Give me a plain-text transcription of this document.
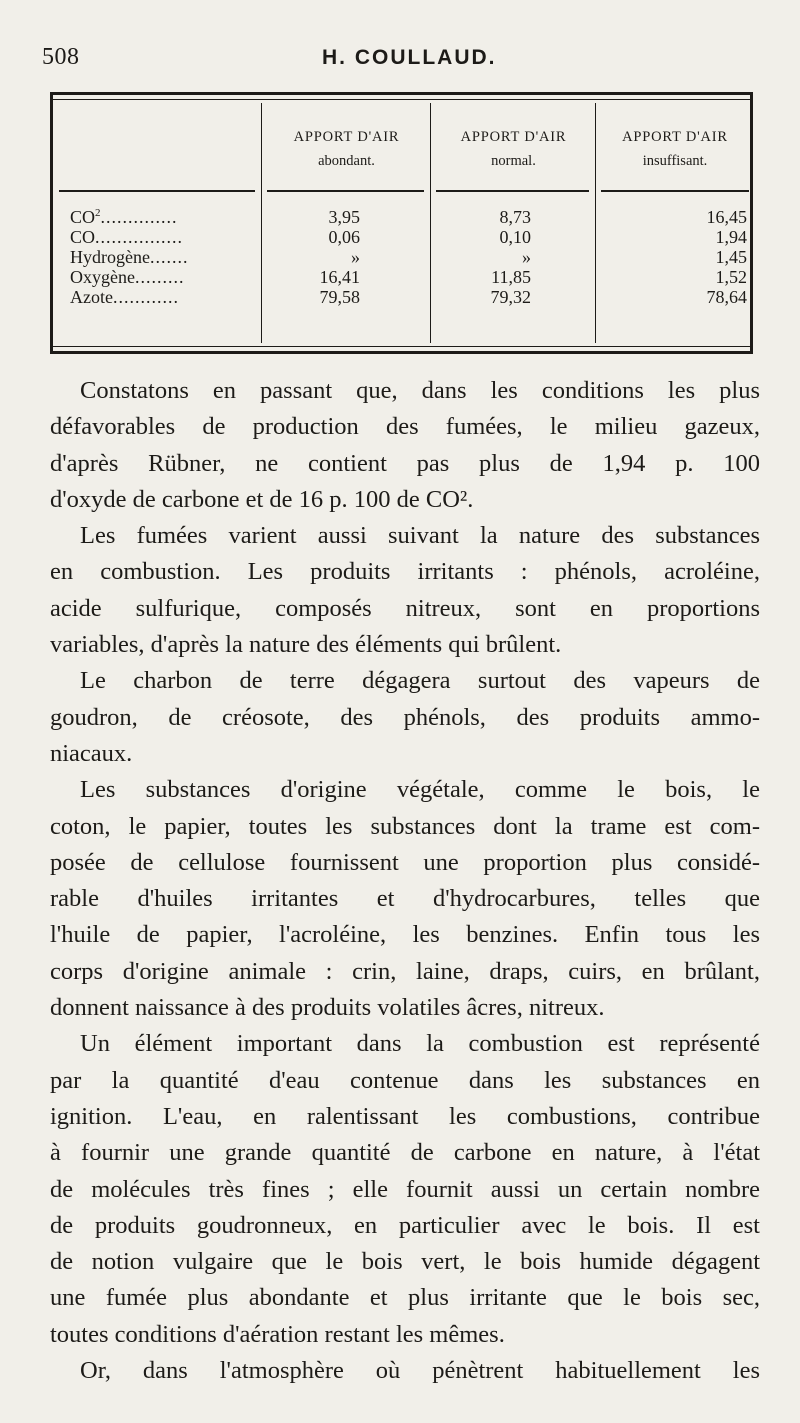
508	H. COULLAUD.
APPORT D'AIR
abondant.
APPORT D'AIR
normal.
APPORT D'AIR
insuffisant.
$CO^2$..............	3,95	8,73	16,45
CO................	0,06	0,10	1,94
Hydrogène.......	»	»	1,45
Oxygène.........	16,41	11,85	1,52
Azote............	79,58	79,32	78,64
Constatons en passant que, dans les conditions les plus
défavorables de production des fumées, le milieu gazeux,
d'après Rübner, ne contient pas plus de 1,94 p. 100
d'oxyde de carbone et de 16 p. 100 de CO².
Les fumées varient aussi suivant la nature des substances
en combustion. Les produits irritants : phénols, acroléine,
acide sulfurique, composés nitreux, sont en proportions
variables, d'après la nature des éléments qui brûlent.
Le charbon de terre dégagera surtout des vapeurs de
goudron, de créosote, des phénols, des produits ammo-
niacaux.
Les substances d'origine végétale, comme le bois, le
coton, le papier, toutes les substances dont la trame est com-
posée de cellulose fournissent une proportion plus considé-
rable d'huiles irritantes et d'hydrocarbures, telles que
l'huile de papier, l'acroléine, les benzines. Enfin tous les
corps d'origine animale : crin, laine, draps, cuirs, en brûlant,
donnent naissance à des produits volatiles âcres, nitreux.
Un élément important dans la combustion est représenté
par la quantité d'eau contenue dans les substances en
ignition. L'eau, en ralentissant les combustions, contribue
à fournir une grande quantité de carbone en nature, à l'état
de molécules très fines ; elle fournit aussi un certain nombre
de produits goudronneux, en particulier avec le bois. Il est
de notion vulgaire que le bois vert, le bois humide dégagent
une fumée plus abondante et plus irritante que le bois sec,
toutes conditions d'aération restant les mêmes.
Or, dans l'atmosphère où pénètrent habituellement les
